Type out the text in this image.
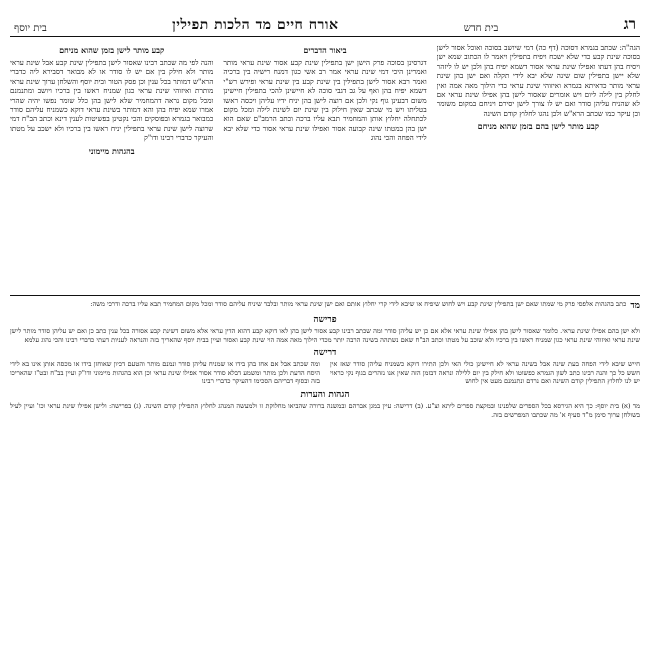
רג
בית חדש
אורח חיים מד הלכות תפילין
בית יוסף

הגה"ה: שכתב בגמרא דסוכה (דף כה) דמי שיושב בסוכה ואוכל אסור לישן בסוכה שינת קבע כדי שלא ישכח ויפיח בתפילין ויאמר לו הכתוב שמא ישן ויסיח בהן דעתו ואפילו שינת עראי אסור דשמא יפיח בהן ולכן יש לו ליזהר שלא יישן בתפילין שום שינה שלא יבא לידי תקלה ואם ישן בהן שינת עראי מותר כדאיתא בגמרא ואיזוהי שינת עראי כדי הילוך מאה אמה ואין לחלק בין לילה ליום ויש אומרים שאסור לישן בהן אפילו שינת עראי אם לא שהניח עליהן סודר ואם יש לו צורך לישן יסירם ויניחם במקום משומר וכן עיקר כמו שכתב הרא"ש ולכן נהגו לחלוץ קודם השינה

קבע מותר לישן בהם בזמן שהוא מניחם
ביאור הדברים

דגרסינן בסוכה פרק הישן ישן בתפילין שינת קבע אסור שינת עראי מותר ואמרינן היכי דמי שינת עראי אמר רב אשי כגון דמנח רישיה בין ברכיה ואמר רבא אסור לישן בתפילין בין שינת קבע בין שינת עראי ופירש רש"י דשמא יפיח בהן ואף על גב דגבי סוכה לא חיישינן להכי בתפילין חיישינן משום דבעינן גוף נקי ולכן אם רוצה לישן בהן יניח ידיו עליהן ויכסה ראשו בטליתו ויש מי שכתב שאין חילוק בין שינת יום לשינת לילה ומכל מקום לכתחלה יחלוץ אותן והמחמיר תבא עליו ברכה וכתב הרמב"ם שאם הוא ישן בהן במטתו שינה קבועה אסור ואפילו שינת עראי אסור כדי שלא יבא לידי הפחה והכי נהוג

קבע מותר לישן בזמן שהוא מניחם

והנה לפי מה שכתב רבינו שאסור לישן בתפילין שינת קבע אבל שינת עראי מותר ולא חילק בין אם יש לו סודר או לא מבואר דסבירא ליה כדברי הרא"ש דמותר בכל ענין וכן פסק הטור ובית יוסף והשלחן ערוך שינת עראי מותרת ואיזוהי שינת עראי כגון שמניח ראשו בין ברכיו ויושב ומתנמנם ומכל מקום נראה דהמחמיר שלא לישן בהן כלל שומר נפשו יהיה שהרי אמרו שמא יפיח בהן והא דמותר בשינת עראי דוקא כשמניח עליהם סודר כמבואר בגמרא ובפוסקים והכי נקטינן בפשיטות לענין דינא וכתב הב"ח דמי שרוצה לישן שינת עראי בתפילין יניח ראשו בין ברכיו ולא ישכב על מטתו והעיקר כדברי רבינו ודו"ק

בהגהות מיימוני
מד

כתב בהגהות אלפסי פרק מי שמתו שאם ישן בתפילין שינת קבע ויש לחוש שיפיח או שיבא לידי קרי יחלוץ אותם ואם ישן שינת עראי מותר ובלבד שיניח עליהם סודר ומכל מקום המחמיר תבא עליו ברכה ודרכי משה:

פרישה

ולא ישן בהם אפילו שינת עראי. כלומר שאסור לישן בהן אפילו שינת עראי אלא אם כן יש עליהן סודר ומה שכתב רבינו קבע אסור לישן בהן לאו דוקא קבע דהוא הדין עראי אלא משום דשינת קבע אסורה בכל ענין כתב כן ואם יש עליהן סודר מותר לישן שינת עראי ואיזוהי שינת עראי כגון שמניח ראשו בין ברכיו ולא שוכב על מטתו וכתב הב"ח שאם נשתהה בשינה הרבה יותר מכדי הילוך מאה אמה הוי שינת קבע ואסור ועיין בבית יוסף שהאריך בזה והנראה לעניות דעתי כדברי רבינו והכי נהוג עלמא

דרישה

חייש שיבא לידי הפחה בעת שינה אבל בשינה עראי לא חיישינן כולי האי ולכן התירו דוקא כשמניח עליהן סודר שאז אין חשש כל כך והנה רבינו כתב לשון הגמרא כפשוטו ולא חילק בין יום ללילה ונראה דבזמן הזה שאין אנו נזהרים בגוף נקי כראוי יש לנו לחלוץ התפילין קודם השינה ואם נרדם ונתנמנם מעט אין לחוש

ומה שכתב אבל אם אחז בהן בידו או שמניח עליהן סודר ונמנם מותר והטעם דכיון שאוחזן בידו או מכסה אותן אינו בא לידי היסח הדעת ולכן מותר ומשמע דבלא סודר אסור אפילו שינת עראי וכן הוא בהגהות מיימוני ודו"ק ועיין בב"ח ובט"ז שהאריכו בזה ובסוף דבריהם הסכימו דהעיקר כדברי רבינו

הגהות והערות

מד (א) בית יוסף: כך היא הגירסא בכל הספרים שלפנינו ובמקצת ספרים ליתא וצ"ע. (ב) דרישה: עיין במגן אברהם ובמשנה ברורה שהביאו מחלוקת זו ולמעשה המנהג לחלוץ התפילין קודם השינה. (ג) בפרישה: ולישן אפילו שינת עראי וכו' ועיין לעיל בשולחן ערוך סימן מ"ד סעיף א' מה שכתבו המפרשים בזה.
